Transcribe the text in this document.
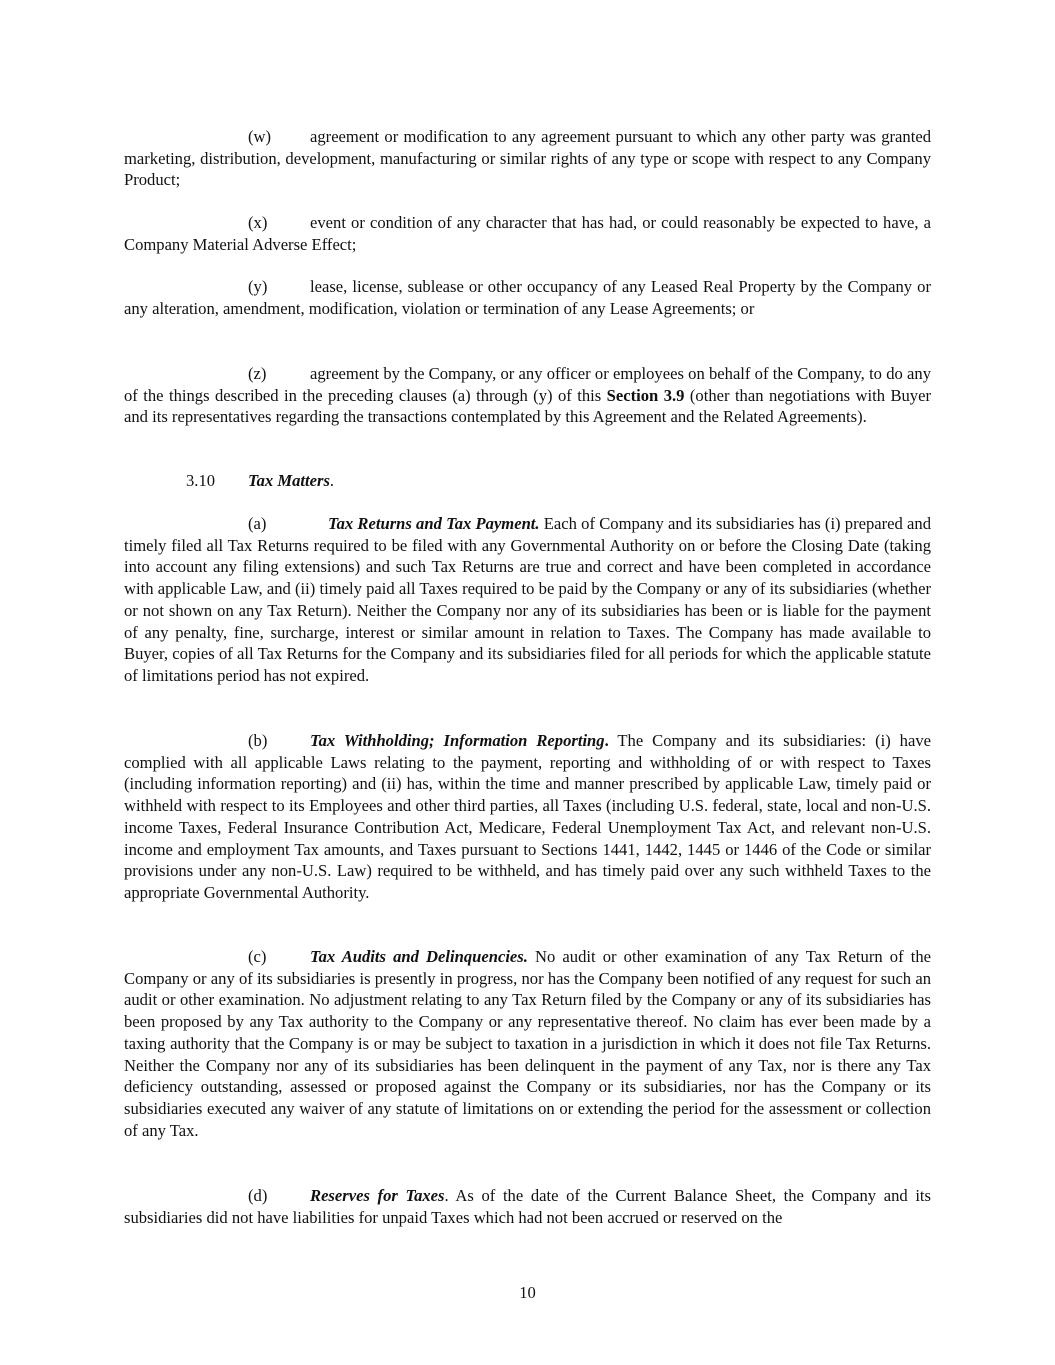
(w) agreement or modification to any agreement pursuant to which any other party was granted marketing, distribution, development, manufacturing or similar rights of any type or scope with respect to any Company Product;

(x)	event or condition of any character that has had, or could reasonably be expected to have, a Company Material Adverse Effect;

(y)	lease, license, sublease or other occupancy of any Leased Real Property by the Company or any alteration, amendment, modification, violation or termination of any Lease Agreements; or

(z)	agreement by the Company, or any officer or employees on behalf of the Company, to do any of the things described in the preceding clauses (a) through (y) of this Section 3.9 (other than negotiations with Buyer and its representatives regarding the transactions contemplated by this Agreement and the Related Agreements).

3.10 Tax Matters.

(a)	Tax Returns and Tax Payment. Each of Company and its subsidiaries has (i) prepared and timely filed all Tax Returns required to be filed with any Governmental Authority on or before the Closing Date (taking into account any filing extensions) and such Tax Returns are true and correct and have been completed in accordance with applicable Law, and (ii) timely paid all Taxes required to be paid by the Company or any of its subsidiaries (whether or not shown on any Tax Return). Neither the Company nor any of its subsidiaries has been or is liable for the payment of any penalty, fine, surcharge, interest or similar amount in relation to Taxes. The Company has made available to Buyer, copies of all Tax Returns for the Company and its subsidiaries filed for all periods for which the applicable statute of limitations period has not expired.

(b)	Tax Withholding; Information Reporting. The Company and its subsidiaries: (i) have complied with all applicable Laws relating to the payment, reporting and withholding of or with respect to Taxes (including information reporting) and (ii) has, within the time and manner prescribed by applicable Law, timely paid or withheld with respect to its Employees and other third parties, all Taxes (including U.S. federal, state, local and non-U.S. income Taxes, Federal Insurance Contribution Act, Medicare, Federal Unemployment Tax Act, and relevant non-U.S. income and employment Tax amounts, and Taxes pursuant to Sections 1441, 1442, 1445 or 1446 of the Code or similar provisions under any non-U.S. Law) required to be withheld, and has timely paid over any such withheld Taxes to the appropriate Governmental Authority.

(c)	Tax Audits and Delinquencies. No audit or other examination of any Tax Return of the Company or any of its subsidiaries is presently in progress, nor has the Company been notified of any request for such an audit or other examination. No adjustment relating to any Tax Return filed by the Company or any of its subsidiaries has been proposed by any Tax authority to the Company or any representative thereof. No claim has ever been made by a taxing authority that the Company is or may be subject to taxation in a jurisdiction in which it does not file Tax Returns. Neither the Company nor any of its subsidiaries has been delinquent in the payment of any Tax, nor is there any Tax deficiency outstanding, assessed or proposed against the Company or its subsidiaries, nor has the Company or its subsidiaries executed any waiver of any statute of limitations on or extending the period for the assessment or collection of any Tax.

(d)	Reserves for Taxes. As of the date of the Current Balance Sheet, the Company and its subsidiaries did not have liabilities for unpaid Taxes which had not been accrued or reserved on the

10
